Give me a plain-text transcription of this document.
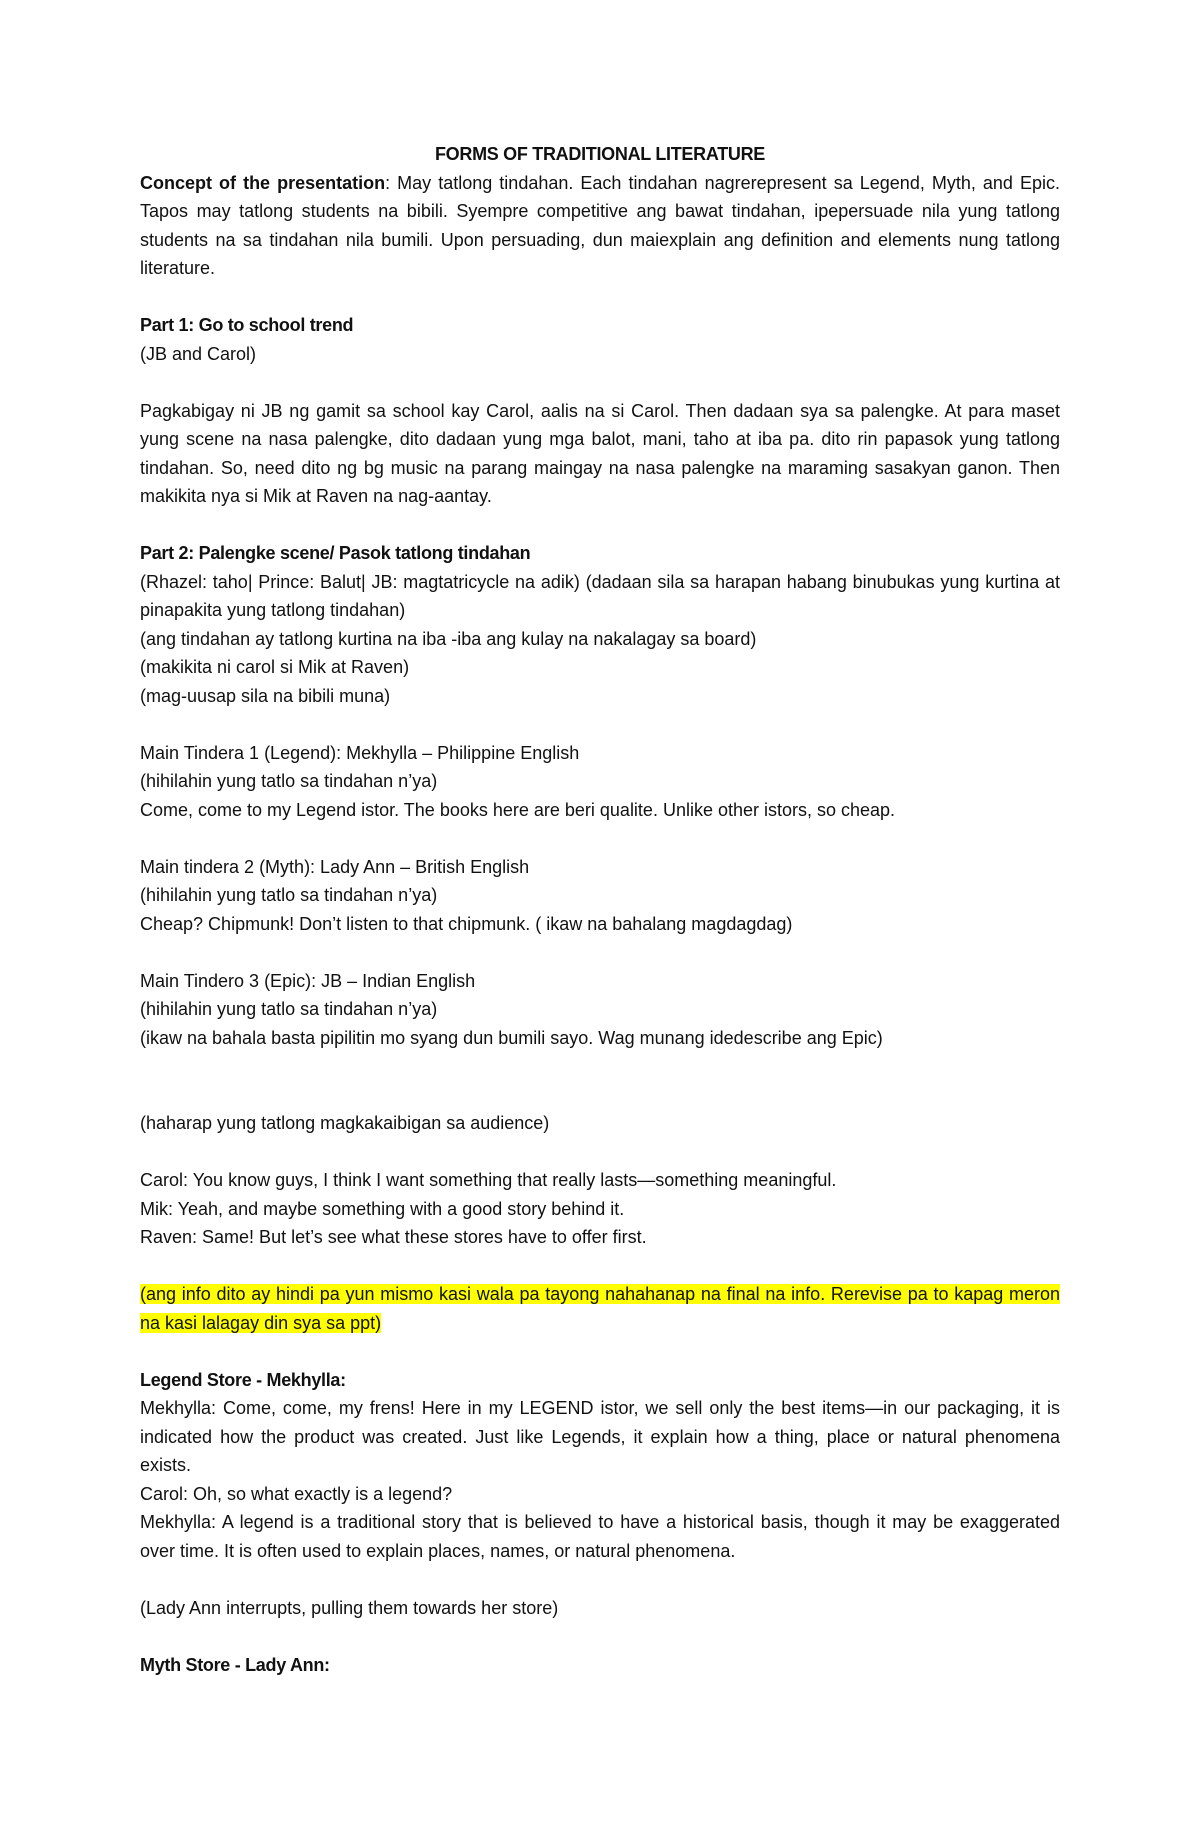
FORMS OF TRADITIONAL LITERATURE

Concept of the presentation: May tatlong tindahan. Each tindahan nagrerepresent sa Legend, Myth, and Epic. Tapos may tatlong students na bibili. Syempre competitive ang bawat tindahan, ipepersuade nila yung tatlong students na sa tindahan nila bumili. Upon persuading, dun maiexplain ang definition and elements nung tatlong literature.

Part 1: Go to school trend

(JB and Carol)

Pagkabigay ni JB ng gamit sa school kay Carol, aalis na si Carol. Then dadaan sya sa palengke. At para maset yung scene na nasa palengke, dito dadaan yung mga balot, mani, taho at iba pa. dito rin papasok yung tatlong tindahan. So, need dito ng bg music na parang maingay na nasa palengke na maraming sasakyan ganon. Then makikita nya si Mik at Raven na nag-aantay.

Part 2: Palengke scene/ Pasok tatlong tindahan

(Rhazel: taho| Prince: Balut| JB: magtatricycle na adik) (dadaan sila sa harapan habang binubukas yung kurtina at pinapakita yung tatlong tindahan)

(ang tindahan ay tatlong kurtina na iba -iba ang kulay na nakalagay sa board)

(makikita ni carol si Mik at Raven)

(mag-uusap sila na bibili muna)

Main Tindera 1 (Legend): Mekhylla – Philippine English

(hihilahin yung tatlo sa tindahan n’ya)

Come, come to my Legend istor. The books here are beri qualite. Unlike other istors, so cheap.

Main tindera 2 (Myth): Lady Ann – British English

(hihilahin yung tatlo sa tindahan n’ya)

Cheap? Chipmunk! Don’t listen to that chipmunk. ( ikaw na bahalang magdagdag)

Main Tindero 3 (Epic): JB – Indian English

(hihilahin yung tatlo sa tindahan n’ya)

(ikaw na bahala basta pipilitin mo syang dun bumili sayo. Wag munang idedescribe ang Epic)

(haharap yung tatlong magkakaibigan sa audience)

Carol: You know guys, I think I want something that really lasts—something meaningful.

Mik: Yeah, and maybe something with a good story behind it.

Raven: Same! But let’s see what these stores have to offer first.

(ang info dito ay hindi pa yun mismo kasi wala pa tayong nahahanap na final na info. Rerevise pa to kapag meron na kasi lalagay din sya sa ppt)

Legend Store - Mekhylla:

Mekhylla: Come, come, my frens! Here in my LEGEND istor, we sell only the best items—in our packaging, it is indicated how the product was created. Just like Legends, it explain how a thing, place or natural phenomena exists.

Carol: Oh, so what exactly is a legend?

Mekhylla: A legend is a traditional story that is believed to have a historical basis, though it may be exaggerated over time. It is often used to explain places, names, or natural phenomena.

(Lady Ann interrupts, pulling them towards her store)

Myth Store - Lady Ann:
